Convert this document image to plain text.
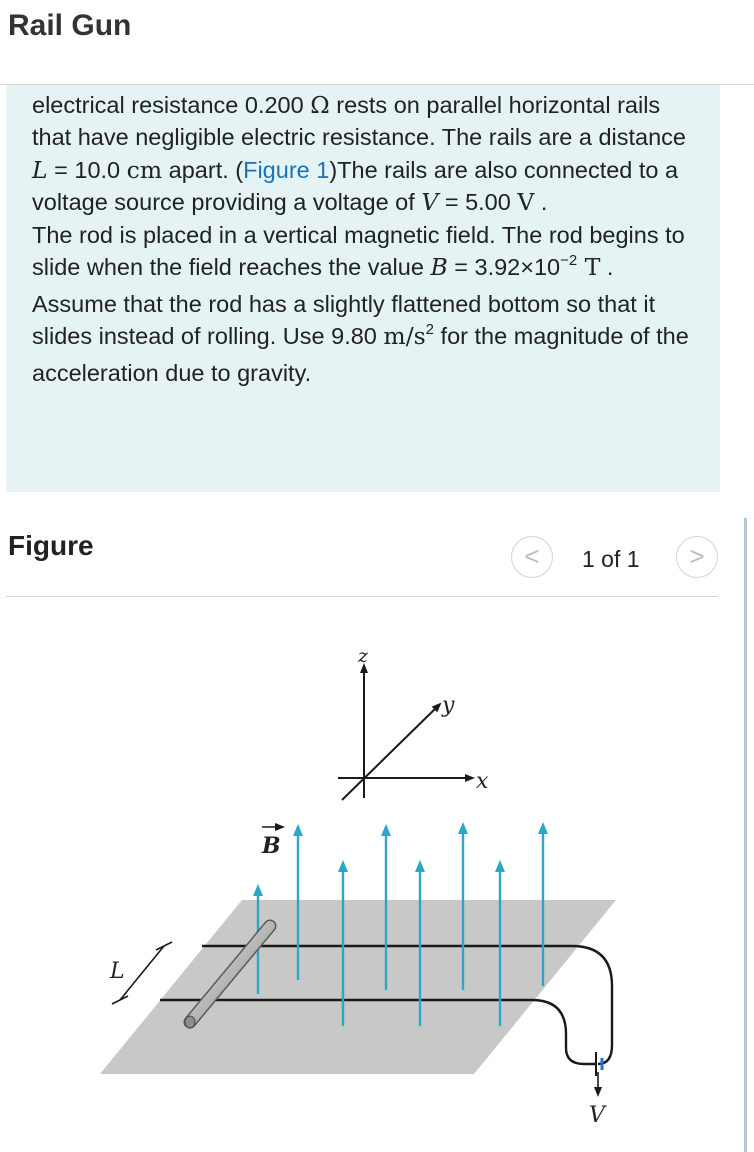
Rail Gun

electrical resistance 0.200 Ω rests on parallel horizontal rails that have negligible electric resistance. The rails are a distance L = 10.0 cm apart. (Figure 1)The rails are also connected to a voltage source providing a voltage of V = 5.00 V .

The rod is placed in a vertical magnetic field. The rod begins to slide when the field reaches the value $B = 3.92\times 10^{-2}$ T . Assume that the rod has a slightly flattened bottom so that it slides instead of rolling. Use 9.80 $m/s^2$ for the magnitude of the acceleration due to gravity.

Figure	<	1 of 1	>
z
y
x
B
V
L
